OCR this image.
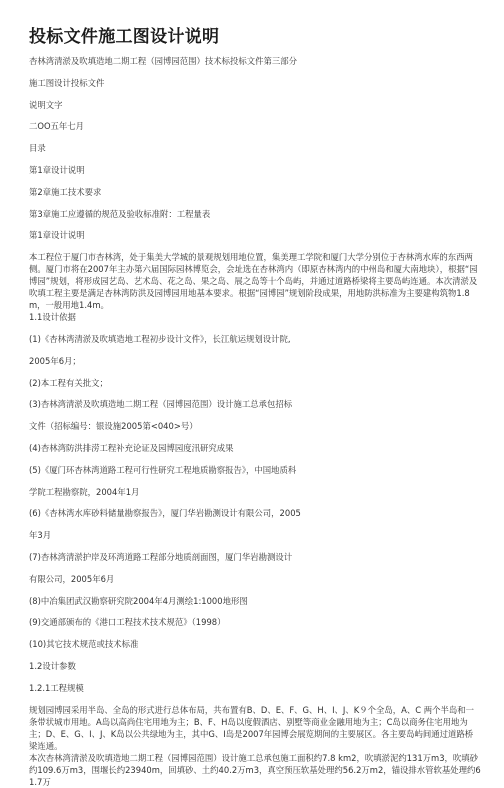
投标文件施工图设计说明

杏林湾清淤及吹填造地二期工程（园博园范围）技术标投标文件第三部分

施工图设计投标文件

说明文字

二OO五年七月

目录

第1章设计说明

第2章施工技术要求

第3章施工应遵循的规范及验收标准附：工程量表

第1章设计说明

本工程位于厦门市杏林湾，处于集美大学城的景观规划用地位置，集美理工学院和厦门大学分别位于杏林湾水库的东西两侧。厦门市将在2007年主办第六届国际园林博览会，会址选在杏林湾内（即原杏林湾内的中州岛和厦大南地块），根据“园博园”规划，将形成园艺岛、艺术岛、花之岛、果之岛、展之岛等十个岛屿，并通过道路桥梁将主要岛屿连通。本次清淤及吹填工程主要是满足杏林湾防洪及园博园用地基本要求。根据“园博园”规划阶段成果，用地防洪标准为主要建构筑物1.8m，一般用地1.4m。

1.1设计依据

(1)《杏林湾清淤及吹填造地工程初步设计文件》，长江航运规划设计院,

2005年6月；

(2)本工程有关批文；

(3)杏林湾清淤及吹填造地二期工程（园博园范围）设计施工总承包招标

文件（招标编号：银设施2005第<040>号）

(4)杏林湾防洪排涝工程补充论证及园博园度汛研究成果

(5)《厦门环杏林湾道路工程可行性研究工程地质勘察报告》，中国地质科

学院工程勘察院，2004年1月

(6)《杏林湾水库砂料储量勘察报告》，厦门华岩勘测设计有限公司，2005

年3月

(7)杏林湾清淤护岸及环湾道路工程部分地质剖面图，厦门华岩勘测设计

有限公司，2005年6月

(8)中冶集团武汉勘察研究院2004年4月测绘1:1000地形图

(9)交通部颁布的《港口工程技术技术规范》（1998）

(10)其它技术规范或技术标准

1.2设计参数

1.2.1工程规模

规划园博园采用半岛、全岛的形式进行总体布局，共布置有B、D、E、F、G、H、I、J、K９个全岛，A、C 两个半岛和一条带状城市用地。A岛以高尚住宅用地为主；B、F、H岛以度假酒店、别墅等商业金融用地为主；C岛以商务住宅用地为主；D、E、G、I、J、K岛以公共绿地为主，其中G、I岛是2007年园博会展览期间的主要展区。各主要岛屿间通过道路桥梁连通。

本次杏林湾清淤及吹填造地二期工程（园博园范围）设计施工总承包施工面积约7.8 km2，吹填淤泥约131万m3，吹填砂约109.6万m3，围堰长约23940m，回填砂、土约40.2万m3，真空预压软基处理约56.2万m2，锚设排水管软基处理约61.7万
